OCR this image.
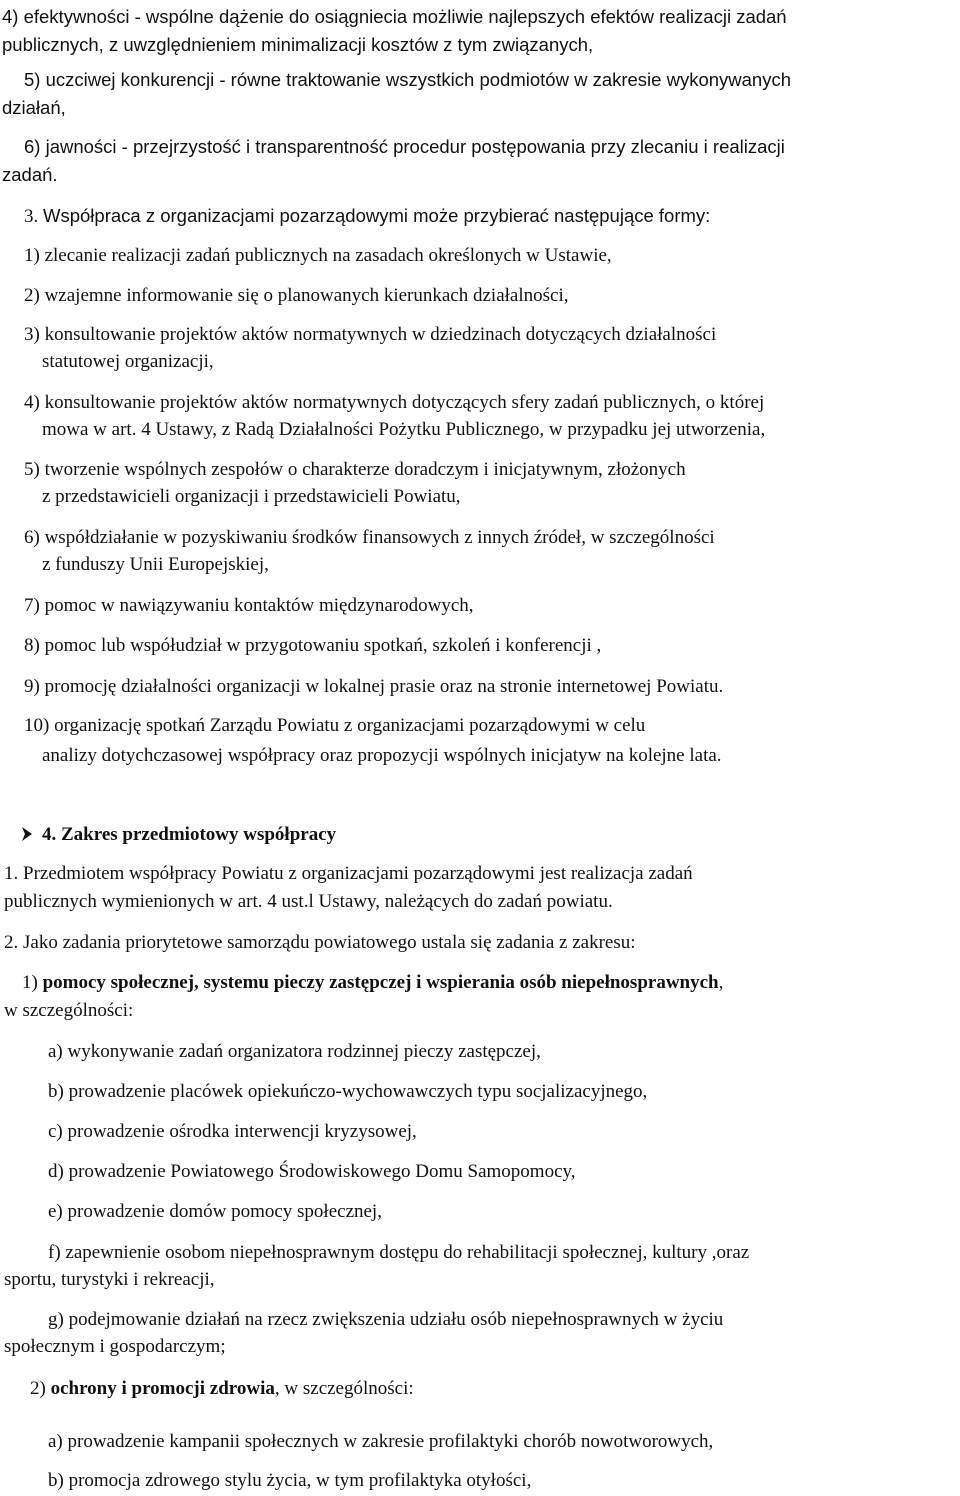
4) efektywności - wspólne dążenie do osiągniecia możliwie najlepszych efektów realizacji zadań

publicznych, z uwzględnieniem minimalizacji kosztów z tym związanych,

5) uczciwej konkurencji - równe traktowanie wszystkich podmiotów w zakresie wykonywanych

działań,

6) jawności - przejrzystość i transparentność procedur postępowania przy zlecaniu i realizacji

zadań.

3. Współpraca z organizacjami pozarządowymi może przybierać następujące formy:

1) zlecanie realizacji zadań publicznych na zasadach określonych w Ustawie,

2) wzajemne informowanie się o planowanych kierunkach działalności,

3) konsultowanie projektów aktów normatywnych w dziedzinach dotyczących działalności

statutowej organizacji,

4) konsultowanie projektów aktów normatywnych dotyczących sfery zadań publicznych, o której

mowa w art. 4 Ustawy, z Radą Działalności Pożytku Publicznego, w przypadku jej utworzenia,

5) tworzenie wspólnych zespołów o charakterze doradczym i inicjatywnym, złożonych

z przedstawicieli organizacji i przedstawicieli Powiatu,

6) współdziałanie w pozyskiwaniu środków finansowych z innych źródeł, w szczególności

z funduszy Unii Europejskiej,

7) pomoc w nawiązywaniu kontaktów międzynarodowych,

8) pomoc lub współudział w przygotowaniu spotkań, szkoleń i konferencji ,

9) promocję działalności organizacji w lokalnej prasie oraz na stronie internetowej Powiatu.

10) organizację spotkań Zarządu Powiatu z organizacjami pozarządowymi w celu

analizy dotychczasowej współpracy oraz propozycji wspólnych inicjatyw na kolejne lata.

4. Zakres przedmiotowy współpracy

1. Przedmiotem współpracy Powiatu z organizacjami pozarządowymi jest realizacja zadań

publicznych wymienionych w art. 4 ust.l Ustawy, należących do zadań powiatu.

2. Jako zadania priorytetowe samorządu powiatowego ustala się zadania z zakresu:

1) pomocy społecznej, systemu pieczy zastępczej i wspierania osób niepełnosprawnych,

w szczególności:

a) wykonywanie zadań organizatora rodzinnej pieczy zastępczej,

b) prowadzenie placówek opiekuńczo-wychowawczych typu socjalizacyjnego,

c) prowadzenie ośrodka interwencji kryzysowej,

d) prowadzenie Powiatowego Środowiskowego Domu Samopomocy,

e) prowadzenie domów pomocy społecznej,

f) zapewnienie osobom niepełnosprawnym dostępu do rehabilitacji społecznej, kultury ,oraz

sportu, turystyki i rekreacji,

g) podejmowanie działań na rzecz zwiększenia udziału osób niepełnosprawnych w życiu

społecznym i gospodarczym;

2) ochrony i promocji zdrowia, w szczególności:

a) prowadzenie kampanii społecznych w zakresie profilaktyki chorób nowotworowych,

b) promocja zdrowego stylu życia, w tym profilaktyka otyłości,
